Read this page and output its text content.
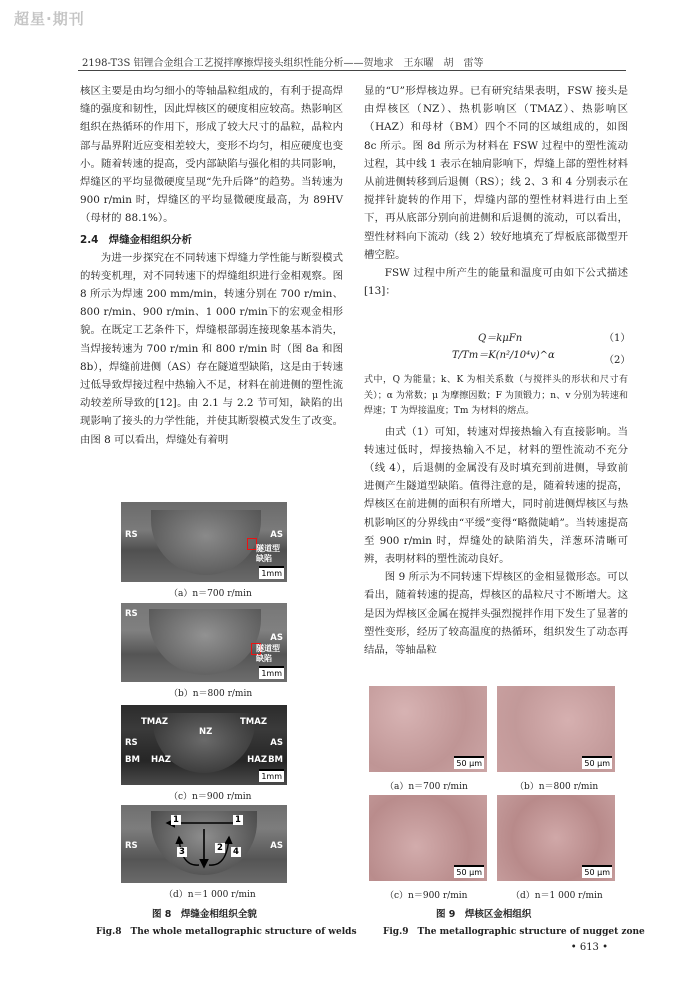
超星·期刊
2198-T3S 铝锂合金组合工艺搅拌摩擦焊接头组织性能分析——贺地求　王东曜　胡　雷等

核区主要是由均匀细小的等轴晶粒组成的，有利于提高焊缝的强度和韧性，因此焊核区的硬度相应较高。热影响区组织在热循环的作用下，形成了较大尺寸的晶粒，晶粒内部与晶界附近应变相差较大，变形不均匀，相应硬度也变小。随着转速的提高，受内部缺陷与强化相的共同影响，焊缝区的平均显微硬度呈现“先升后降”的趋势。当转速为 900 r/min 时，焊缝区的平均显微硬度最高，为 89HV（母材的 88.1%）。

2.4　焊缝金相组织分析

为进一步探究在不同转速下焊缝力学性能与断裂模式的转变机理，对不同转速下的焊缝组织进行金相观察。图 8 所示为焊速 200 mm/min，转速分别在 700 r/min、800 r/min、900 r/min、1 000 r/min下的宏观金相形貌。在既定工艺条件下，焊缝根部弱连接现象基本消失，当焊接转速为 700 r/min 和 800 r/min 时（图 8a 和图 8b），焊缝前进侧（AS）存在隧道型缺陷，这是由于转速过低导致焊接过程中热输入不足，材料在前进侧的塑性流动较差所导致的[12]。由 2.1 与 2.2 节可知，缺陷的出现影响了接头的力学性能，并使其断裂模式发生了改变。由图 8 可以看出，焊缝处有着明

RS	AS
隧道型缺陷
1mm
（a）n＝700 r/min
RS
AS
隧道型缺陷
1mm
（b）n＝800 r/min
TMAZ
NZ
TMAZ
RS	AS
BM HAZ	HAZ BM
1mm
（c）n＝900 r/min
RS	AS
1	1
3	2 4
（d）n＝1 000 r/min
图 8　焊缝金相组织全貌
Fig.8　The whole metallographic structure of welds

显的“U”形焊核边界。已有研究结果表明，FSW 接头是由焊核区（NZ）、热机影响区（TMAZ）、热影响区（HAZ）和母材（BM）四个不同的区域组成的，如图 8c 所示。图 8d 所示为材料在 FSW 过程中的塑性流动过程，其中线 1 表示在轴肩影响下，焊缝上部的塑性材料从前进侧转移到后退侧（RS）；线 2、3 和 4 分别表示在搅拌针旋转的作用下，焊缝内部的塑性材料进行由上至下，再从底部分别向前进侧和后退侧的流动，可以看出，塑性材料向下流动（线 2）较好地填充了焊板底部微型开槽空腔。

FSW 过程中所产生的能量和温度可由如下公式描述[13]：

Q＝kμFn	（1）
T/Tm＝K(n²/10⁴v)^α	（2）

式中，Q 为能量；k、K 为相关系数（与搅拌头的形状和尺寸有关）；α 为常数；μ 为摩擦因数；F 为顶锻力；n、v 分别为转速和焊速；T 为焊接温度；Tm 为材料的熔点。

由式（1）可知，转速对焊接热输入有直接影响。当转速过低时，焊接热输入不足，材料的塑性流动不充分（线 4），后退侧的金属没有及时填充到前进侧，导致前进侧产生隧道型缺陷。值得注意的是，随着转速的提高，焊核区在前进侧的面积有所增大，同时前进侧焊核区与热机影响区的分界线由“平缓”变得“略微陡峭”。当转速提高至 900 r/min 时，焊缝处的缺陷消失，洋葱环清晰可辨，表明材料的塑性流动良好。

图 9 所示为不同转速下焊核区的金相显微形态。可以看出，随着转速的提高，焊核区的晶粒尺寸不断增大。这是因为焊核区金属在搅拌头强烈搅拌作用下发生了显著的塑性变形，经历了较高温度的热循环，组织发生了动态再结晶，等轴晶粒

50 μm
（a）n＝700 r/min
50 μm
（b）n＝800 r/min
50 μm
（c）n＝900 r/min
50 μm
（d）n＝1 000 r/min
图 9　焊核区金相组织
Fig.9　The metallographic structure of nugget zone
• 613 •
